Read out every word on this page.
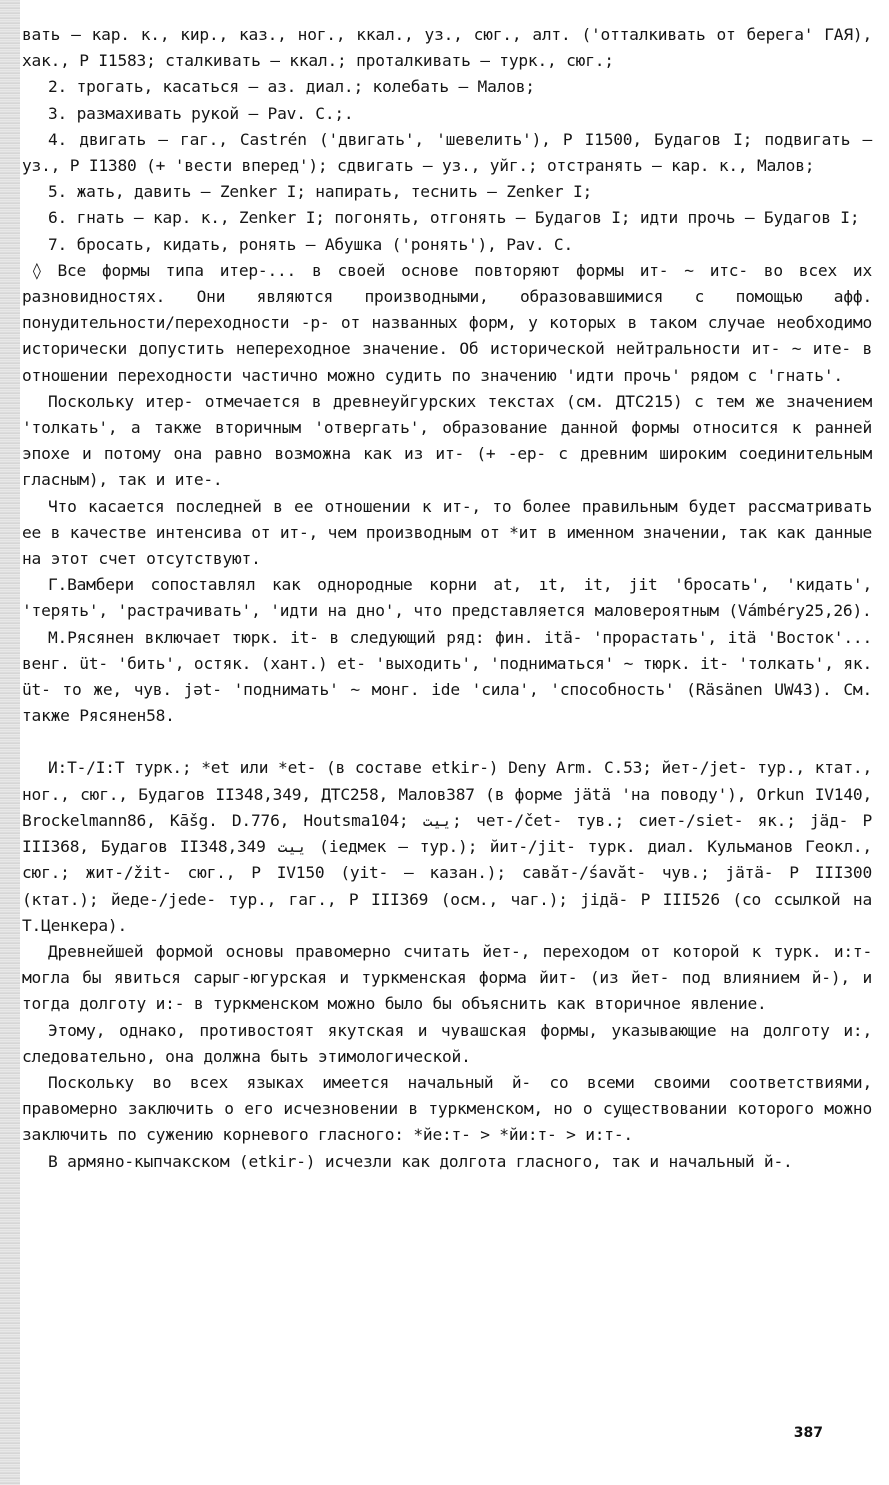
вать – кар. к., кир., каз., ног., ккал., уз., сюг., алт. ('отталкивать от берега' ГАЯ), хак., Р I1583; сталкивать – ккал.; проталкивать – турк., сюг.;

2. трогать, касаться – аз. диал.; колебать – Малов;

3. размахивать рукой – Pav. C.;.

4. двигать – гаг., Castrén ('двигать', 'шевелить'), Р I1500, Будагов I; подвигать – уз., Р I1380 (+ 'вести вперед'); сдвигать – уз., уйг.; отстранять – кар. к., Малов;

5. жать, давить – Zenker I; напирать, теснить – Zenker I;

6. гнать – кар. к., Zenker I; погонять, отгонять – Будагов I; идти прочь – Будагов I;

7. бросать, кидать, ронять – Абушка ('ронять'), Pav. C.

◊ Все формы типа итер-... в своей основе повторяют формы ит- ~ итс- во всех их разновидностях. Они являются производными, образовавшимися с помощью афф. понудительности/переходности -р- от названных форм, у которых в таком случае необходимо исторически допустить непереходное значение. Об исторической нейтральности ит- ~ ите- в отношении переходности частично можно судить по значению 'идти прочь' рядом с 'гнать'.

Поскольку итер- отмечается в древнеуйгурских текстах (см. ДТС215) с тем же значением 'толкать', а также вторичным 'отвергать', образование данной формы относится к ранней эпохе и потому она равно возможна как из ит- (+ -ер- с древним широким соединительным гласным), так и ите-.

Что касается последней в ее отношении к ит-, то более правильным будет рассматривать ее в качестве интенсива от ит-, чем производным от *ит в именном значении, так как данные на этот счет отсутствуют.

Г.Вамбери сопоставлял как однородные корни at, ıt, it, jit 'бросать', 'кидать', 'терять', 'растрачивать', 'идти на дно', что представляется маловероятным (Vámbéry25,26).

М.Рясянен включает тюрк. it- в следующий ряд: фин. itä- 'прорастать', itä 'Восток'... венг. üt- 'бить', остяк. (хант.) et- 'выходить', 'подниматься' ~ тюрк. it- 'толкать', як. üt- то же, чув. jət- 'поднимать' ~ монг. ide 'сила', 'способность' (Räsänen UW43). См. также Рясянен58.

И:Т-/I:T турк.; *et или *et- (в составе etkir-) Deny Arm. C.53; йет-/jet- тур., ктат., ног., сюг., Будагов II348,349, ДТС258, Малов387 (в форме jätä 'на поводу'), Orkun IV140, Brockelmann86, Kāšg. D.776, Houtsma104; ييت; чет-/čet- тув.; сиет-/siet- як.; jäд- Р III368, Будагов II348,349 ييت (iедмек – тур.); йит-/jit- турк. диал. Кульманов Геокл., сюг.; жит-/žit- сюг., Р IV150 (yit- – казан.); савăт-/śavăt- чув.; jäтä- Р III300 (ктат.); йеде-/jede- тур., гаг., Р III369 (осм., чаг.); jiдä- Р III526 (со ссылкой на Т.Ценкера).

Древнейшей формой основы правомерно считать йет-, переходом от которой к турк. и:т- могла бы явиться сарыг-югурская и туркменская форма йит- (из йет- под влиянием й-), и тогда долготу и:- в туркменском можно было бы объяснить как вторичное явление.

Этому, однако, противостоят якутская и чувашская формы, указывающие на долготу и:, следовательно, она должна быть этимологической.

Поскольку во всех языках имеется начальный й- со всеми своими соответствиями, правомерно заключить о его исчезновении в туркменском, но о существовании которого можно заключить по сужению корневого гласного: *йе:т- > *йи:т- > и:т-.

В армяно-кыпчакском (etkir-) исчезли как долгота гласного, так и начальный й-.

387
